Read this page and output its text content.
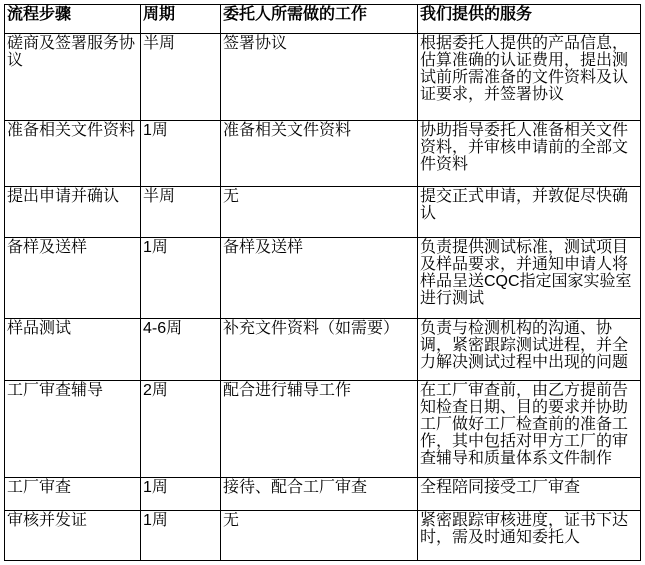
流程步骤	周期	委托人所需做的工作	我们提供的服务
磋商及签署服务协议	半周	签署协议	根据委托人提供的产品信息，估算准确的认证费用，提出测试前所需准备的文件资料及认证要求，并签署协议
准备相关文件资料	1周	准备相关文件资料	协助指导委托人准备相关文件资料，并审核申请前的全部文件资料
提出申请并确认	半周	无	提交正式申请，并敦促尽快确认
备样及送样	1周	备样及送样	负责提供测试标准，测试项目及样品要求，并通知申请人将样品呈送CQC指定国家实验室进行测试
样品测试	4-6周	补充文件资料（如需要）	负责与检测机构的沟通、协调，紧密跟踪测试进程，并全力解决测试过程中出现的问题
工厂审查辅导	2周	配合进行辅导工作	在工厂审查前，由乙方提前告知检查日期、目的要求并协助工厂做好工厂检查前的准备工作，其中包括对甲方工厂的审查辅导和质量体系文件制作
工厂审查	1周	接待、配合工厂审查	全程陪同接受工厂审查
审核并发证	1周	无	紧密跟踪审核进度，证书下达时，需及时通知委托人
